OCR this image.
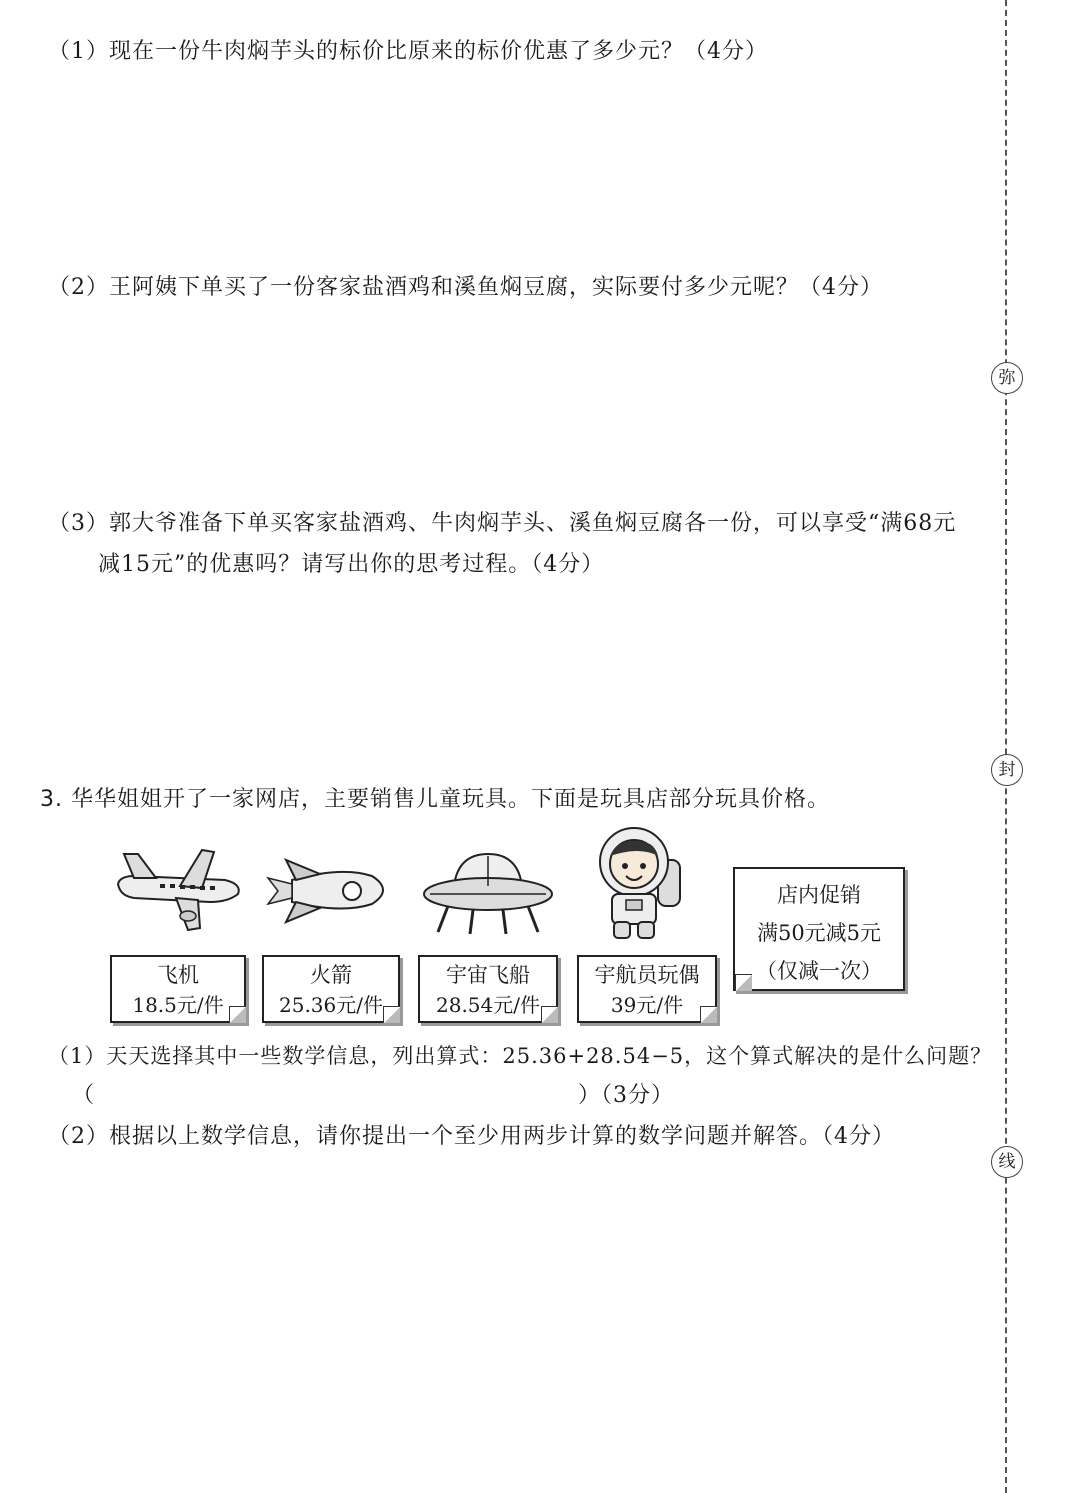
弥
封
线
（1）现在一份牛肉焖芋头的标价比原来的标价优惠了多少元？（4分）
（2）王阿姨下单买了一份客家盐酒鸡和溪鱼焖豆腐，实际要付多少元呢？（4分）
（3）郭大爷准备下单买客家盐酒鸡、牛肉焖芋头、溪鱼焖豆腐各一份，可以享受“满68元
减15元”的优惠吗？请写出你的思考过程。（4分）
3. 华华姐姐开了一家网店，主要销售儿童玩具。下面是玩具店部分玩具价格。
飞机
18.5元/件
火箭
25.36元/件
宇宙飞船
28.54元/件
宇航员玩偶
39元/件
店内促销
满50元减5元
（仅减一次）
（1）天天选择其中一些数学信息，列出算式：25.36+28.54−5，这个算式解决的是什么问题？
（	）（3分）
（2）根据以上数学信息，请你提出一个至少用两步计算的数学问题并解答。（4分）
